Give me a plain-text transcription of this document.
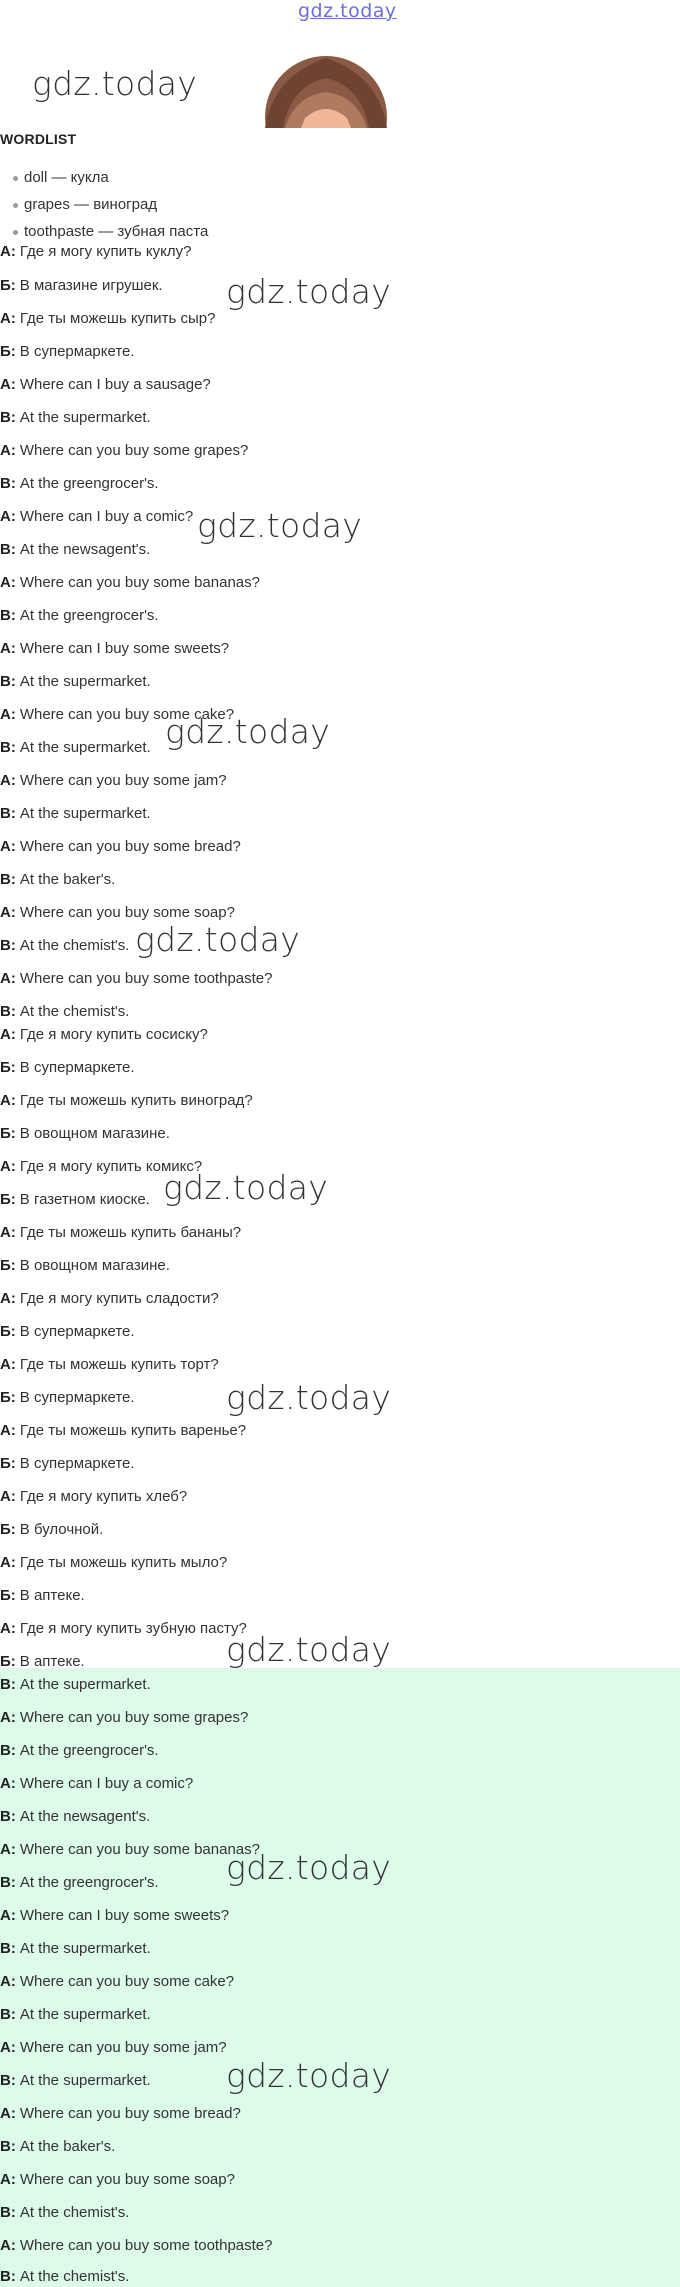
gdz.today
gdz.today
WORDLIST
doll — кукла
grapes — виноград
toothpaste — зубная паста
А: Где я могу купить куклу?
Б: В магазине игрушек.
А: Где ты можешь купить сыр?
Б: В супермаркете.
A: Where can I buy a sausage?
B: At the supermarket.
A: Where can you buy some grapes?
B: At the greengrocer's.
A: Where can I buy a comic?
B: At the newsagent's.
A: Where can you buy some bananas?
B: At the greengrocer's.
A: Where can I buy some sweets?
B: At the supermarket.
A: Where can you buy some cake?
B: At the supermarket.
A: Where can you buy some jam?
B: At the supermarket.
A: Where can you buy some bread?
B: At the baker's.
A: Where can you buy some soap?
B: At the chemist's.
A: Where can you buy some toothpaste?
B: At the chemist's.
А: Где я могу купить сосиску?
Б: В супермаркете.
А: Где ты можешь купить виноград?
Б: В овощном магазине.
А: Где я могу купить комикс?
Б: В газетном киоске.
А: Где ты можешь купить бананы?
Б: В овощном магазине.
А: Где я могу купить сладости?
Б: В супермаркете.
А: Где ты можешь купить торт?
Б: В супермаркете.
А: Где ты можешь купить варенье?
Б: В супермаркете.
А: Где я могу купить хлеб?
Б: В булочной.
А: Где ты можешь купить мыло?
Б: В аптеке.
А: Где я могу купить зубную пасту?
Б: В аптеке.
B: At the supermarket.
A: Where can you buy some grapes?
B: At the greengrocer's.
A: Where can I buy a comic?
B: At the newsagent's.
A: Where can you buy some bananas?
B: At the greengrocer's.
A: Where can I buy some sweets?
B: At the supermarket.
A: Where can you buy some cake?
B: At the supermarket.
A: Where can you buy some jam?
B: At the supermarket.
A: Where can you buy some bread?
B: At the baker's.
A: Where can you buy some soap?
B: At the chemist's.
A: Where can you buy some toothpaste?
B: At the chemist's.
gdz.today
gdz.today
gdz.today
gdz.today
gdz.today
gdz.today
gdz.today
gdz.today
gdz.today
